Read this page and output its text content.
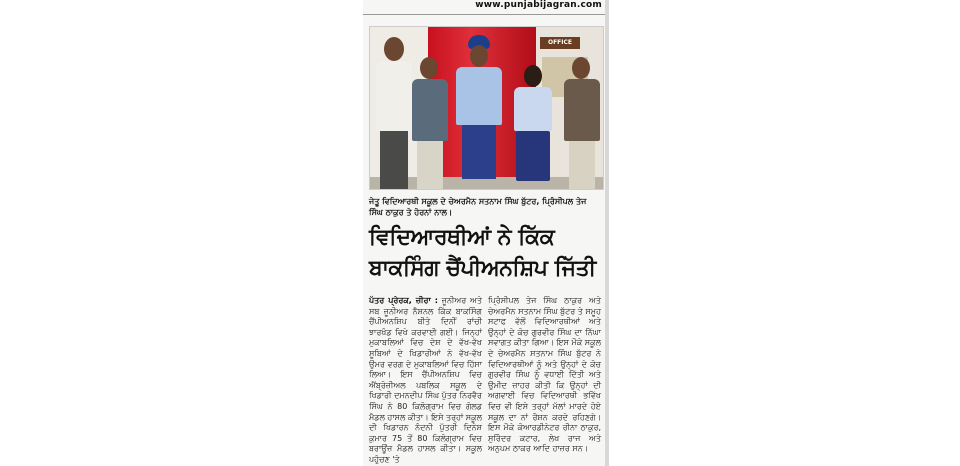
www.punjabijagran.com
OFFICE
ਜੇਤੂ ਵਿਦਿਆਰਥੀ ਸਕੂਲ ਦੇ ਚੇਅਰਮੈਨ ਸਤਨਾਮ ਸਿੰਘ ਬੁੱਟਰ, ਪ੍ਰਿੰਸੀਪਲ ਤੇਜ ਸਿੰਘ ਠਾਕੁਰ ਤੇ ਹੋਰਨਾਂ ਨਾਲ।
ਵਿਦਿਆਰਥੀਆਂ ਨੇ ਕਿੱਕ ਬਾਕਸਿੰਗ ਚੈਂਪੀਅਨਸ਼ਿਪ ਜਿੱਤੀ
ਪੱਤਰ ਪ੍ਰੇਰਕ, ਜ਼ੀਰਾ : ਜੂਨੀਅਰ ਅਤੇ ਸਬ ਜੂਨੀਅਰ ਨੈਸ਼ਨਲ ਕਿੱਕ ਬਾਕਸਿੰਗ ਚੈਂਪੀਅਨਸ਼ਿਪ ਬੀਤੇ ਦਿਨੀਂ ਰਾਂਚੀ ਝਾਰਖੰਡ ਵਿਖੇ ਕਰਵਾਈ ਗਈ। ਜਿਨ੍ਹਾਂ ਮੁਕਾਬਲਿਆਂ ਵਿਚ ਦੇਸ਼ ਦੇ ਵੱਖ-ਵੱਖ ਸੂਬਿਆਂ ਦੇ ਖਿਡਾਰੀਆਂ ਨੇ ਵੱਖ-ਵੱਖ ਉਮਰ ਵਰਗ ਦੇ ਮੁਕਾਬਲਿਆਂ ਵਿਚ ਹਿੱਸਾ ਲਿਆ। ਇਸ ਚੈਂਪੀਅਨਸ਼ਿਪ ਵਿਚ ਐਂਬ੍ਰੋਜ਼ੀਅਲ ਪਬਲਿਕ ਸਕੂਲ ਦੇ ਖਿਡਾਰੀ ਦਮਨਦੀਪ ਸਿੰਘ ਪੁੱਤਰ ਨਿਰਵੈਰ ਸਿੰਘ ਨੇ 80 ਕਿਲੋਗ੍ਰਾਮ ਵਿਚ ਗੋਲਡ ਮੈਡਲ ਹਾਸਲ ਕੀਤਾ। ਇਸੇ ਤਰ੍ਹਾਂ ਸਕੂਲ ਦੀ ਖਿਡਾਰਨ ਨੰਦਨੀ ਪੁੱਤਰੀ ਦਿਨੇਸ਼ ਕੁਮਾਰ 75 ਤੋਂ 80 ਕਿਲੋਗ੍ਰਾਮ ਵਿਚ ਬਰਾਊਂਜ਼ ਮੈਡਲ ਹਾਸਲ ਕੀਤਾ। ਸਕੂਲ ਪਹੁੰਚਣ 'ਤੇ
ਪ੍ਰਿੰਸੀਪਲ ਤੇਜ ਸਿੰਘ ਠਾਕੁਰ ਅਤੇ ਚੇਅਰਮੈਨ ਸਤਨਾਮ ਸਿੰਘ ਬੁੱਟਰ ਤੇ ਸਮੂਹ ਸਟਾਫ ਵੱਲੋਂ ਵਿਦਿਆਰਥੀਆਂ ਅਤੇ ਉਨ੍ਹਾਂ ਦੇ ਕੋਚ ਗੁਰਵੀਰ ਸਿੰਘ ਦਾ ਨਿੱਘਾ ਸਵਾਗਤ ਕੀਤਾ ਗਿਆ। ਇਸ ਮੌਕੇ ਸਕੂਲ ਦੇ ਚੇਅਰਮੈਨ ਸਤਨਾਮ ਸਿੰਘ ਬੁੱਟਰ ਨੇ ਵਿਦਿਆਰਥੀਆਂ ਨੂੰ ਅਤੇ ਉਨ੍ਹਾਂ ਦੇ ਕੋਚ ਗੁਰਵੀਰ ਸਿੰਘ ਨੂੰ ਵਧਾਈ ਦਿੱਤੀ ਅਤੇ ਉਮੀਦ ਜ਼ਾਹਰ ਕੀਤੀ ਕਿ ਉਨ੍ਹਾਂ ਦੀ ਅਗਵਾਈ ਵਿਚ ਵਿਦਿਆਰਥੀ ਭਵਿੱਖ ਵਿਚ ਵੀ ਇਸੇ ਤਰ੍ਹਾਂ ਮੱਲਾਂ ਮਾਰਦੇ ਹੋਏ ਸਕੂਲ ਦਾ ਨਾਂ ਰੌਸ਼ਨ ਕਰਦੇ ਰਹਿਣਗੇ। ਇਸ ਮੌਕੇ ਕੋਆਰਡੀਨੇਟਰ ਰੀਨਾ ਠਾਕੁਰ, ਸੁਰਿੰਦਰ ਕਟਾਰ, ਲੇਖ ਰਾਜ ਅਤੇ ਅਨੁਪਮ ਠਾਕਰ ਆਦਿ ਹਾਜ਼ਰ ਸਨ।
